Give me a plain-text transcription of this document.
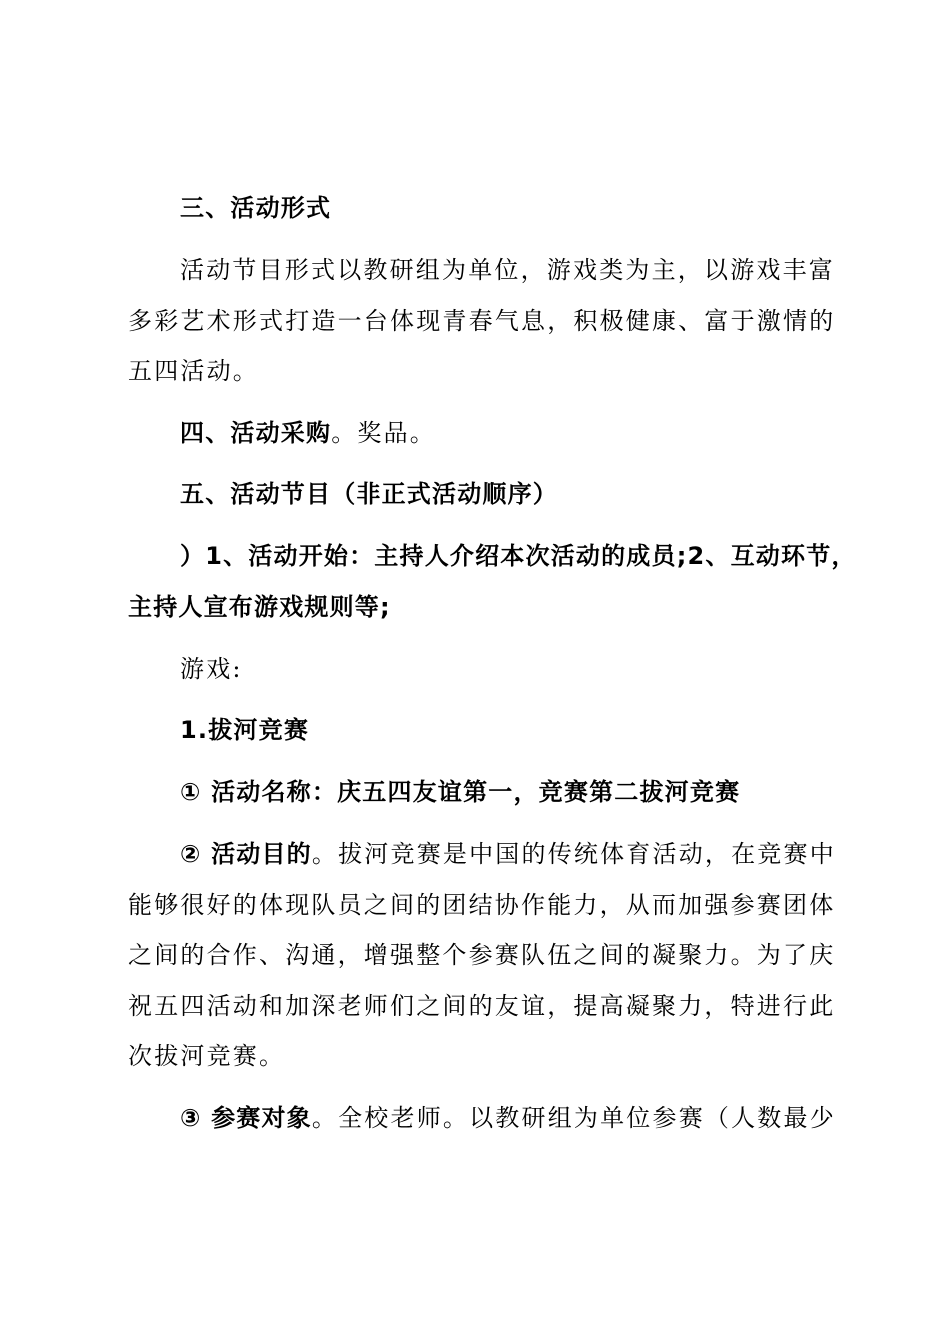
三、活动形式
活动节目形式以教研组为单位，游戏类为主，以游戏丰富
多彩艺术形式打造一台体现青春气息，积极健康、富于激情的
五四活动。
四、活动采购。奖品。
五、活动节目（非正式活动顺序）
）1、活动开始：主持人介绍本次活动的成员;2、互动环节，
主持人宣布游戏规则等;
游戏:
1.拔河竞赛
① 活动名称：庆五四友谊第一，竞赛第二拔河竞赛
② 活动目的。拔河竞赛是中国的传统体育活动，在竞赛中
能够很好的体现队员之间的团结协作能力，从而加强参赛团体
之间的合作、沟通，增强整个参赛队伍之间的凝聚力。为了庆
祝五四活动和加深老师们之间的友谊，提高凝聚力，特进行此
次拔河竞赛。
③ 参赛对象。全校老师。以教研组为单位参赛（人数最少
